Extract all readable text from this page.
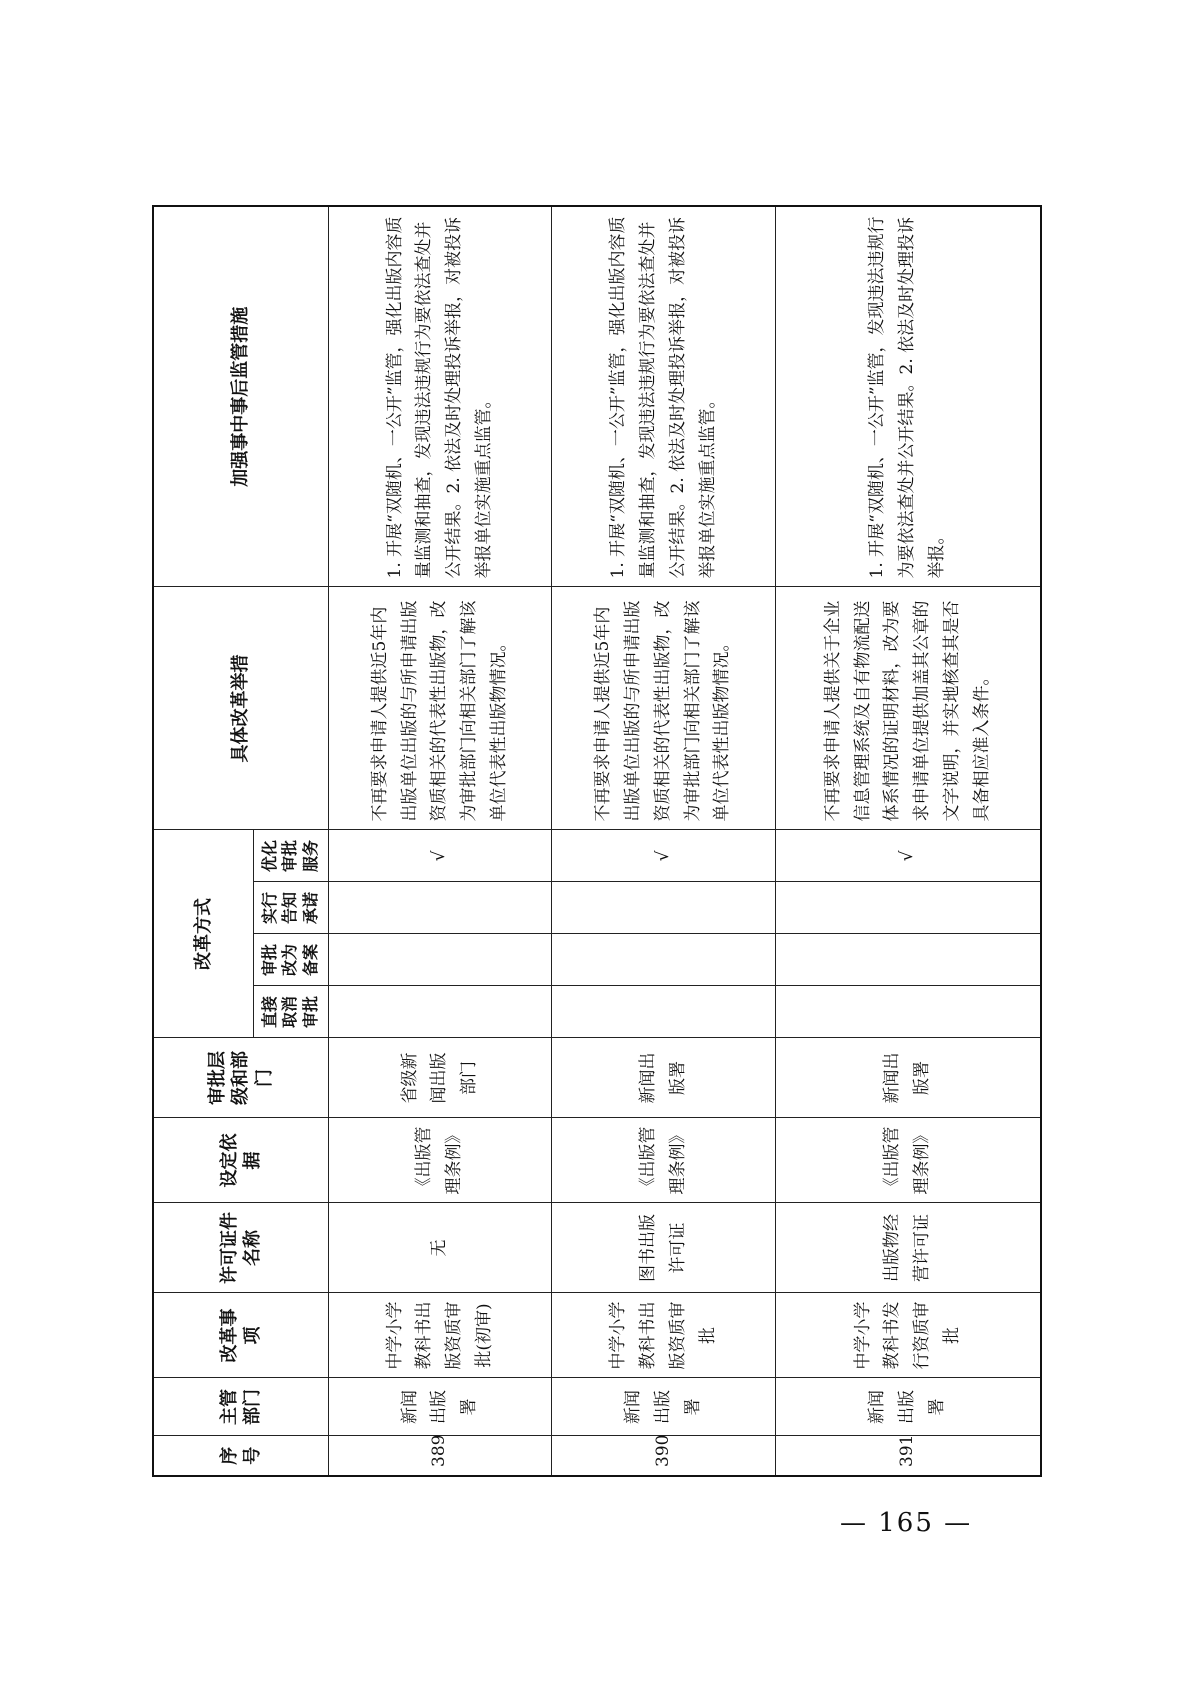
序号	主管部门	改革事项	许可证件名称	设定依据	审批层级和部门	改革方式				具体改革举措	加强事中事后监管措施
						直接取消审批	审批改为备案	实行告知承诺	优化审批服务		
389	新闻出版署	中学小学教科书出版资质审批(初审)	无	《出版管理条例》	省级新闻出版部门				√	不再要求申请人提供近5年内出版单位出版的与所申请出版资质相关的代表性出版物，改为审批部门向相关部门了解该单位代表性出版物情况。	1. 开展“双随机、一公开”监管，强化出版内容质量监测和抽查，发现违法违规行为要依法查处并公开结果。2. 依法及时处理投诉举报，对被投诉举报单位实施重点监管。
390	新闻出版署	中学小学教科书出版资质审批	图书出版许可证	《出版管理条例》	新闻出版署				√	不再要求申请人提供近5年内出版单位出版的与所申请出版资质相关的代表性出版物，改为审批部门向相关部门了解该单位代表性出版物情况。	1. 开展“双随机、一公开”监管，强化出版内容质量监测和抽查，发现违法违规行为要依法查处并公开结果。2. 依法及时处理投诉举报，对被投诉举报单位实施重点监管。
391	新闻出版署	中学小学教科书发行资质审批	出版物经营许可证	《出版管理条例》	新闻出版署				√	不再要求申请人提供关于企业信息管理系统及自有物流配送体系情况的证明材料，改为要求申请单位提供加盖其公章的文字说明，并实地核查其是否具备相应准入条件。	1. 开展“双随机、一公开”监管，发现违法违规行为要依法查处并公开结果。2. 依法及时处理投诉举报。
— 165 —
